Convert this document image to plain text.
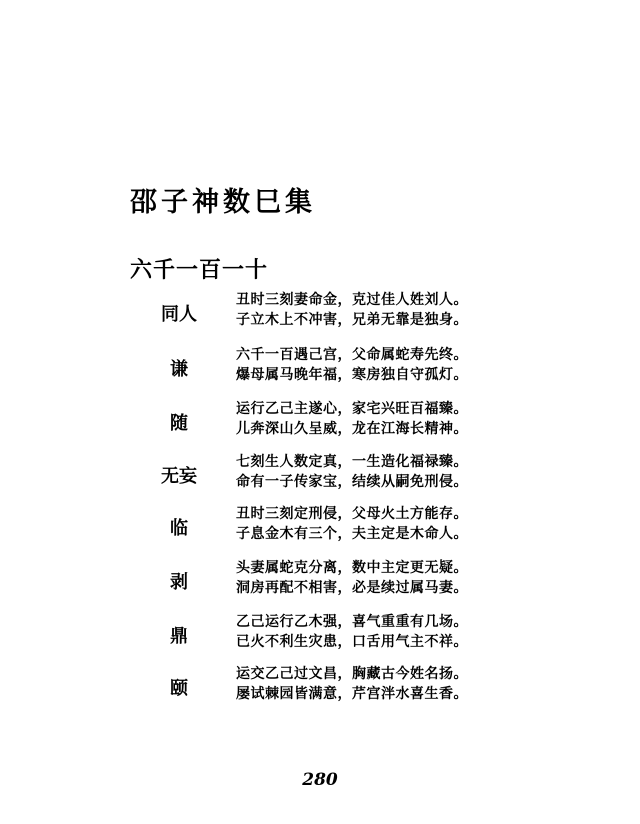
邵子神数巳集
六千一百一十
同人
丑时三刻妻命金，克过佳人姓刘人。
子立木上不冲害，兄弟无靠是独身。
谦
六千一百遇己宫，父命属蛇寿先终。
爆母属马晚年福，寒房独自守孤灯。
随
运行乙己主遂心，家宅兴旺百福臻。
儿奔深山久呈威，龙在江海长精神。
无妄
七刻生人数定真，一生造化福禄臻。
命有一子传家宝，结续从嗣免刑侵。
临
丑时三刻定刑侵，父母火土方能存。
子息金木有三个，夫主定是木命人。
剥
头妻属蛇克分离，数中主定更无疑。
洞房再配不相害，必是续过属马妻。
鼎
乙己运行乙木强，喜气重重有几场。
已火不利生灾患，口舌用气主不祥。
颐
运交乙己过文昌，胸藏古今姓名扬。
屡试棘园皆满意，芹宫泮水喜生香。
280
